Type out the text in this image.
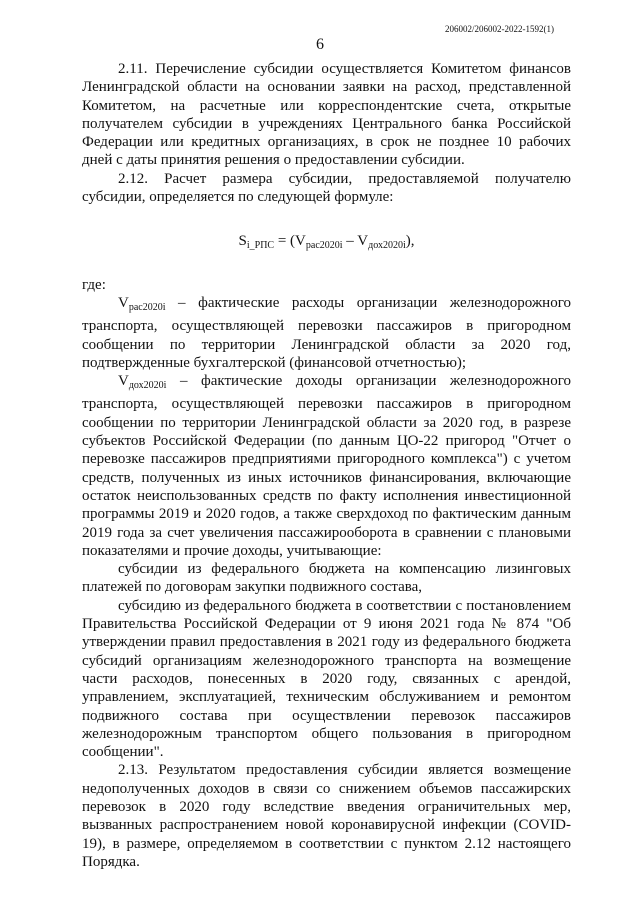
206002/206002-2022-1592(1)
6

2.11. Перечисление субсидии осуществляется Комитетом финансов Ленинградской области на основании заявки на расход, представленной Комитетом, на расчетные или корреспондентские счета, открытые получателем субсидии в учреждениях Центрального банка Российской Федерации или кредитных организациях, в срок не позднее 10 рабочих дней с даты принятия решения о предоставлении субсидии.

2.12. Расчет размера субсидии, предоставляемой получателю субсидии, определяется по следующей формуле:

$S_{i\_РПС} = (V_{рас2020i} - V_{дох2020i})$,

где:

$V_{рас2020i}$ – фактические расходы организации железнодорожного транспорта, осуществляющей перевозки пассажиров в пригородном сообщении по территории Ленинградской области за 2020 год, подтвержденные бухгалтерской (финансовой отчетностью);

$V_{дох2020i}$ – фактические доходы организации железнодорожного транспорта, осуществляющей перевозки пассажиров в пригородном сообщении по территории Ленинградской области за 2020 год, в разрезе субъектов Российской Федерации (по данным ЦО-22 пригород "Отчет о перевозке пассажиров предприятиями пригородного комплекса") с учетом средств, полученных из иных источников финансирования, включающие остаток неиспользованных средств по факту исполнения инвестиционной программы 2019 и 2020 годов, а также сверхдоход по фактическим данным 2019 года за счет увеличения пассажирооборота в сравнении с плановыми показателями и прочие доходы, учитывающие:

субсидии из федерального бюджета на компенсацию лизинговых платежей по договорам закупки подвижного состава,

субсидию из федерального бюджета в соответствии с постановлением Правительства Российской Федерации от 9 июня 2021 года № 874 "Об утверждении правил предоставления в 2021 году из федерального бюджета субсидий организациям железнодорожного транспорта на возмещение части расходов, понесенных в 2020 году, связанных с арендой, управлением, эксплуатацией, техническим обслуживанием и ремонтом подвижного состава при осуществлении перевозок пассажиров железнодорожным транспортом общего пользования в пригородном сообщении".

2.13. Результатом предоставления субсидии является возмещение недополученных доходов в связи со снижением объемов пассажирских перевозок в 2020 году вследствие введения ограничительных мер, вызванных распространением новой коронавирусной инфекции (COVID-19), в размере, определяемом в соответствии с пунктом 2.12 настоящего Порядка.
